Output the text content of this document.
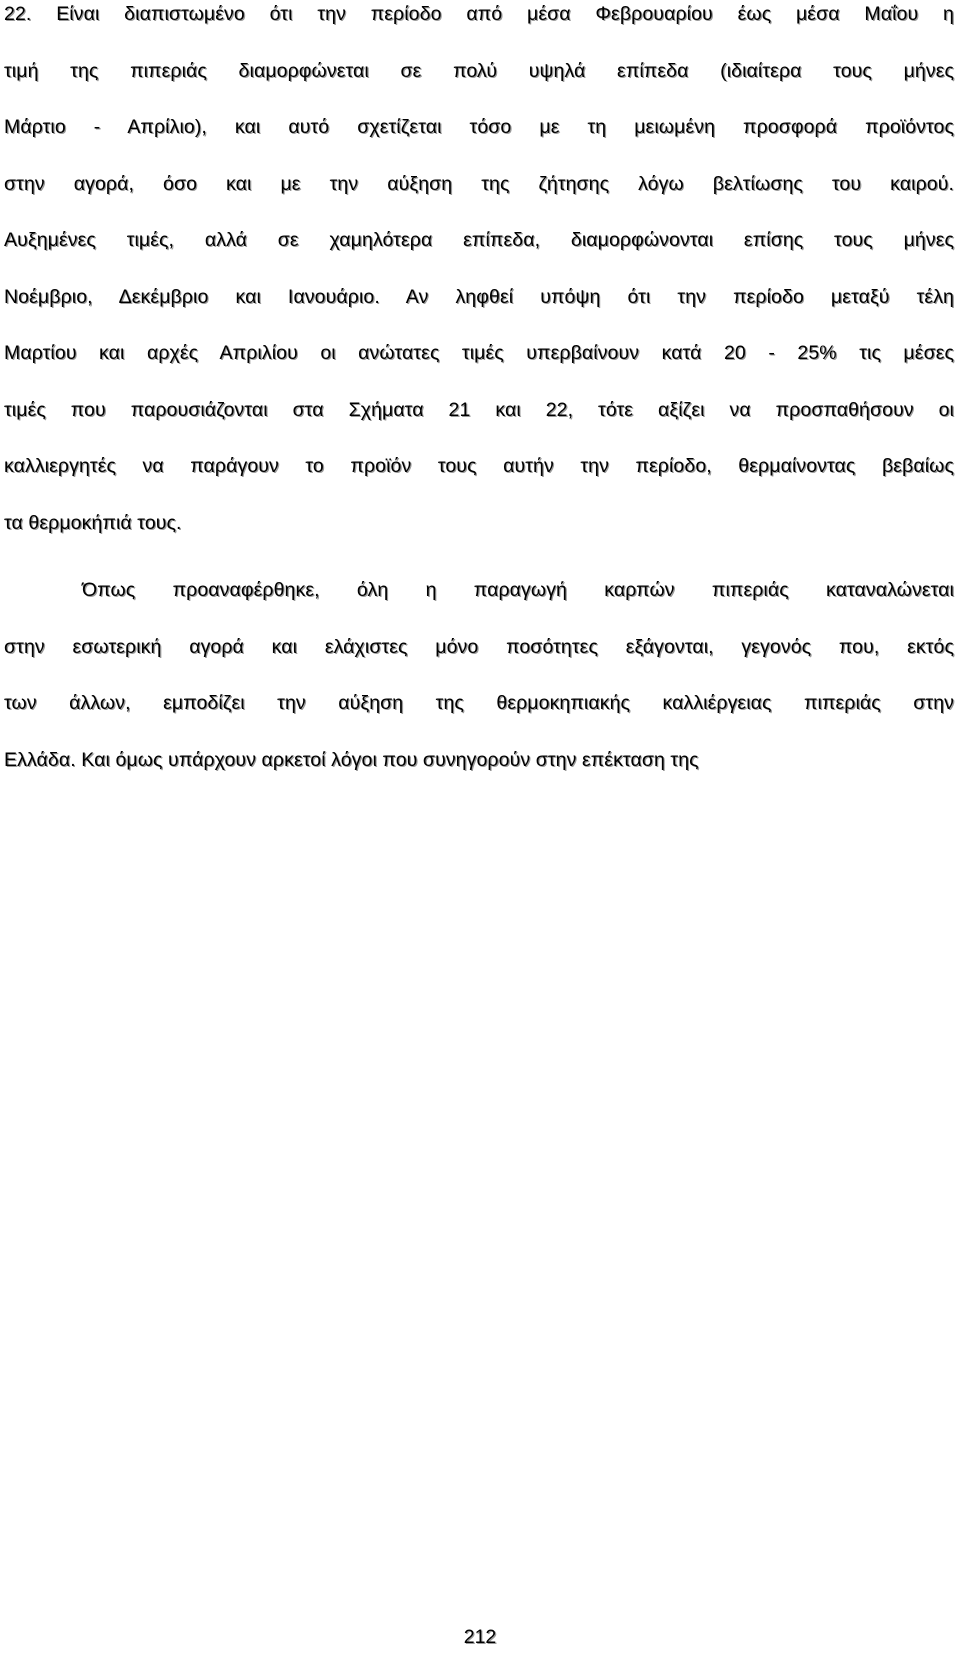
22. Είναι διαπιστωμένο ότι την περίοδο από μέσα Φεβρουαρίου έως μέσα Μαΐου η
τιμή της πιπεριάς διαμορφώνεται σε πολύ υψηλά επίπεδα (ιδιαίτερα τους μήνες
Μάρτιο - Απρίλιο), και αυτό σχετίζεται τόσο με τη μειωμένη προσφορά προϊόντος
στην αγορά, όσο και με την αύξηση της ζήτησης λόγω βελτίωσης του καιρού.
Αυξημένες τιμές, αλλά σε χαμηλότερα επίπεδα, διαμορφώνονται επίσης τους μήνες
Νοέμβριο, Δεκέμβριο και Ιανουάριο. Αν ληφθεί υπόψη ότι την περίοδο μεταξύ τέλη
Μαρτίου και αρχές Απριλίου οι ανώτατες τιμές υπερβαίνουν κατά 20 - 25% τις μέσες
τιμές που παρουσιάζονται στα Σχήματα 21 και 22, τότε αξίζει να προσπαθήσουν οι
καλλιεργητές να παράγουν το προϊόν τους αυτήν την περίοδο, θερμαίνοντας βεβαίως
τα θερμοκήπιά τους.
Όπως προαναφέρθηκε, όλη η παραγωγή καρπών πιπεριάς καταναλώνεται
στην εσωτερική αγορά και ελάχιστες μόνο ποσότητες εξάγονται, γεγονός που, εκτός
των άλλων, εμποδίζει την αύξηση της θερμοκηπιακής καλλιέργειας πιπεριάς στην
Ελλάδα. Και όμως υπάρχουν αρκετοί λόγοι που συνηγορούν στην επέκταση της
212
